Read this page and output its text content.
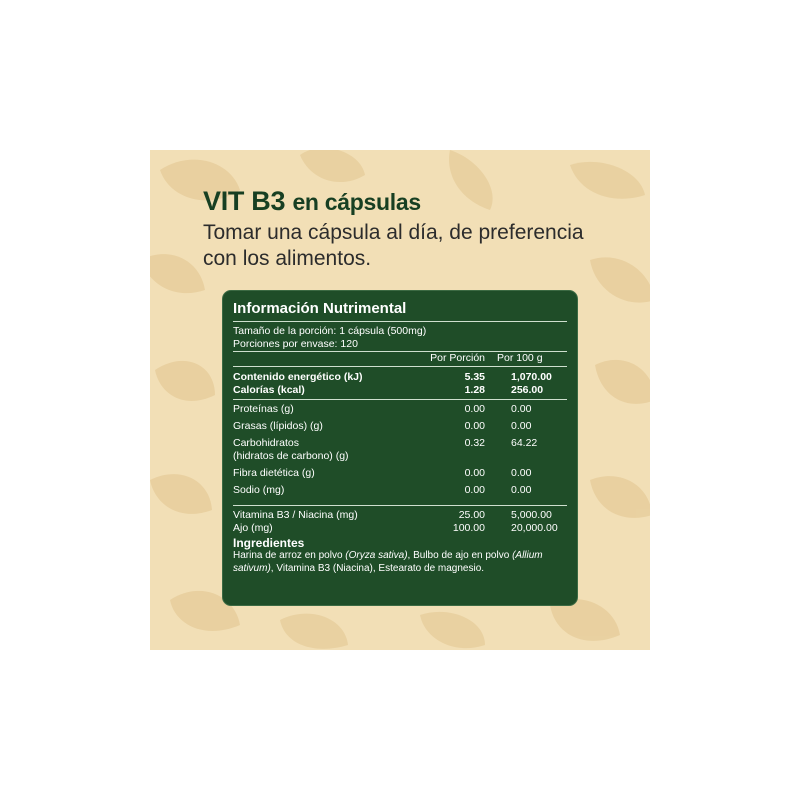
VIT B3 en cápsulas
Tomar una cápsula al día, de preferencia con los alimentos.
Información Nutrimental
Tamaño de la porción: 1 cápsula (500mg)
Porciones por envase: 120
Por Porción	Por 100 g
Contenido energético (kJ)	5.35	1,070.00
Calorías (kcal)	1.28	256.00
Proteínas (g)	0.00	0.00
Grasas (lípidos) (g)	0.00	0.00
Carbohidratos	0.32	64.22
(hidratos de carbono) (g)
Fibra dietética (g)	0.00	0.00
Sodio (mg)	0.00	0.00
Vitamina B3 / Niacina (mg)	25.00	5,000.00
Ajo (mg)	100.00	20,000.00
Ingredientes
Harina de arroz en polvo (Oryza sativa), Bulbo de ajo en polvo (Allium sativum), Vitamina B3 (Niacina), Estearato de magnesio.
